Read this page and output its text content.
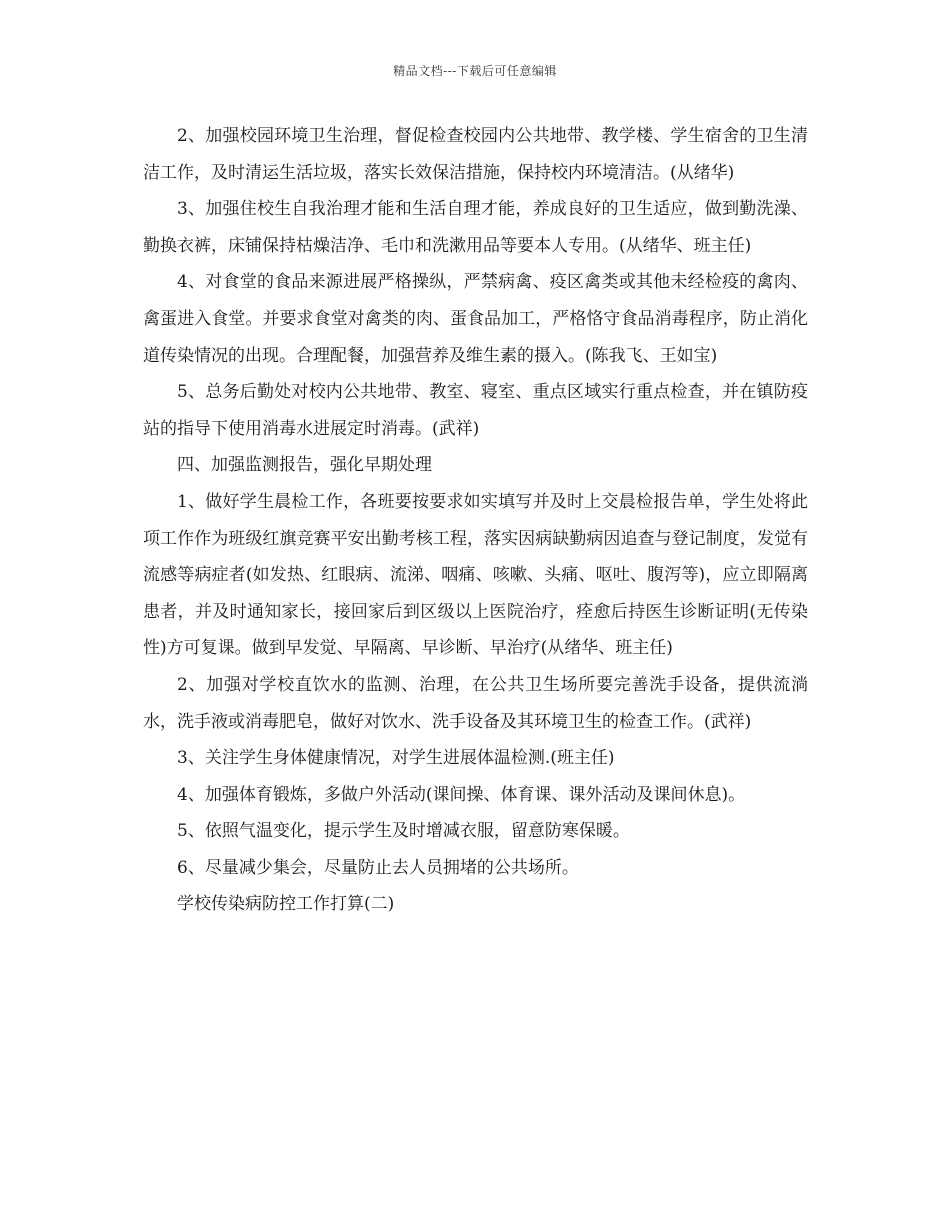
精品文档---下载后可任意编辑

2、加强校园环境卫生治理，督促检查校园内公共地带、教学楼、学生宿舍的卫生清洁工作，及时清运生活垃圾，落实长效保洁措施，保持校内环境清洁。(从绪华)

3、加强住校生自我治理才能和生活自理才能，养成良好的卫生适应，做到勤洗澡、勤换衣裤，床铺保持枯燥洁净、毛巾和洗漱用品等要本人专用。(从绪华、班主任)

4、对食堂的食品来源进展严格操纵，严禁病禽、疫区禽类或其他未经检疫的禽肉、禽蛋进入食堂。并要求食堂对禽类的肉、蛋食品加工，严格恪守食品消毒程序，防止消化道传染情况的出现。合理配餐，加强营养及维生素的摄入。(陈我飞、王如宝)

5、总务后勤处对校内公共地带、教室、寝室、重点区域实行重点检查，并在镇防疫站的指导下使用消毒水进展定时消毒。(武祥)

四、加强监测报告，强化早期处理

1、做好学生晨检工作，各班要按要求如实填写并及时上交晨检报告单，学生处将此项工作作为班级红旗竞赛平安出勤考核工程，落实因病缺勤病因追查与登记制度，发觉有流感等病症者(如发热、红眼病、流涕、咽痛、咳嗽、头痛、呕吐、腹泻等)，应立即隔离患者，并及时通知家长，接回家后到区级以上医院治疗，痊愈后持医生诊断证明(无传染性)方可复课。做到早发觉、早隔离、早诊断、早治疗(从绪华、班主任)

2、加强对学校直饮水的监测、治理，在公共卫生场所要完善洗手设备，提供流淌水，洗手液或消毒肥皂，做好对饮水、洗手设备及其环境卫生的检查工作。(武祥)

3、关注学生身体健康情况，对学生进展体温检测.(班主任)

4、加强体育锻炼，多做户外活动(课间操、体育课、课外活动及课间休息)。

5、依照气温变化，提示学生及时增减衣服，留意防寒保暖。

6、尽量减少集会，尽量防止去人员拥堵的公共场所。

学校传染病防控工作打算(二)
